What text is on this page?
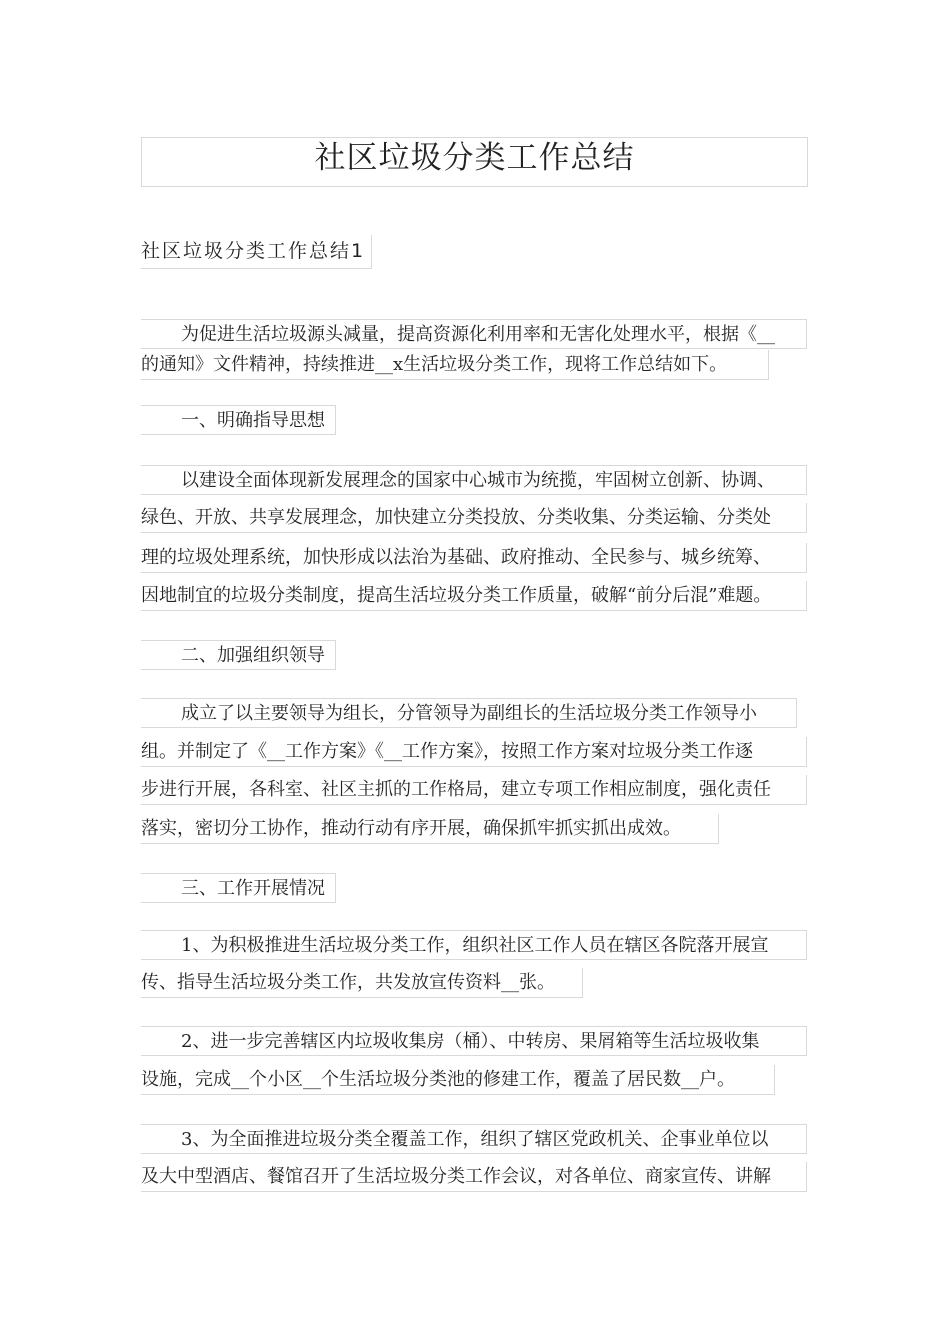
社区垃圾分类工作总结
社区垃圾分类工作总结1
为促进生活垃圾源头减量，提高资源化利用率和无害化处理水平，根据《__
的通知》文件精神，持续推进__x生活垃圾分类工作，现将工作总结如下。
一、明确指导思想
以建设全面体现新发展理念的国家中心城市为统揽，牢固树立创新、协调、
绿色、开放、共享发展理念，加快建立分类投放、分类收集、分类运输、分类处
理的垃圾处理系统，加快形成以法治为基础、政府推动、全民参与、城乡统筹、
因地制宜的垃圾分类制度，提高生活垃圾分类工作质量，破解“前分后混”难题。
二、加强组织领导
成立了以主要领导为组长，分管领导为副组长的生活垃圾分类工作领导小
组。并制定了《__工作方案》《__工作方案》，按照工作方案对垃圾分类工作逐
步进行开展，各科室、社区主抓的工作格局，建立专项工作相应制度，强化责任
落实，密切分工协作，推动行动有序开展，确保抓牢抓实抓出成效。
三、工作开展情况
1、为积极推进生活垃圾分类工作，组织社区工作人员在辖区各院落开展宣
传、指导生活垃圾分类工作，共发放宣传资料__张。
2、进一步完善辖区内垃圾收集房（桶）、中转房、果屑箱等生活垃圾收集
设施，完成__个小区__个生活垃圾分类池的修建工作，覆盖了居民数__户。
3、为全面推进垃圾分类全覆盖工作，组织了辖区党政机关、企事业单位以
及大中型酒店、餐馆召开了生活垃圾分类工作会议，对各单位、商家宣传、讲解
